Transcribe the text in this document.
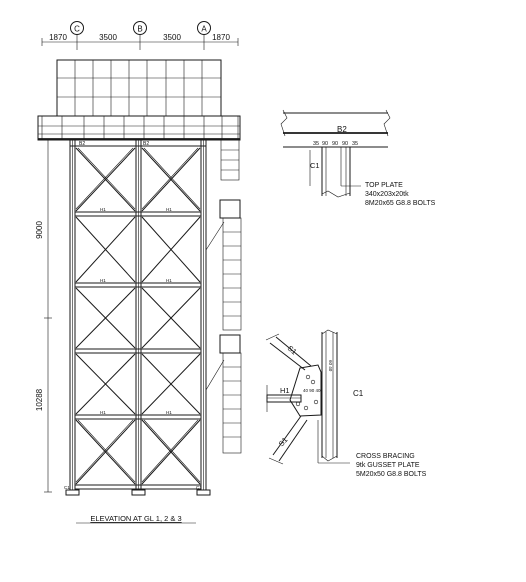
C	B	A
1870	3500	3500	1870
B2	B2
H1	H1
H1	H1
H1	H1
C1	C1
9000
10288
ELEVATION AT GL 1, 2 & 3
B2
35 90 90 90 35
C1
TOP PLATE
340x203x20tk
8M20x65 G8.8 BOLTS
C1
60 40
40 90 40
S1
H1
S1
CROSS BRACING
9tk GUSSET PLATE
5M20x50 G8.8 BOLTS
